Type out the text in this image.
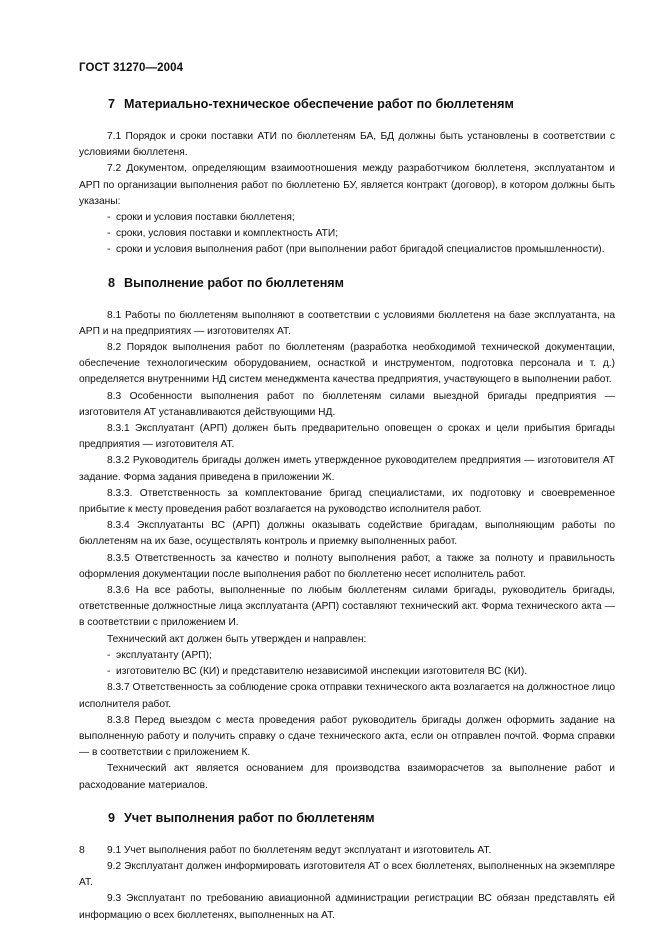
ГОСТ 31270—2004
7 Материально-техническое обеспечение работ по бюллетеням

7.1 Порядок и сроки поставки АТИ по бюллетеням БА, БД должны быть установлены в соответствии с условиями бюллетеня.

7.2 Документом, определяющим взаимоотношения между разработчиком бюллетеня, эксплуатантом и АРП по организации выполнения работ по бюллетеню БУ, является контракт (договор), в котором должны быть указаны:

- сроки и условия поставки бюллетеня;

- сроки, условия поставки и комплектность АТИ;

- сроки и условия выполнения работ (при выполнении работ бригадой специалистов промышленности).

8 Выполнение работ по бюллетеням

8.1 Работы по бюллетеням выполняют в соответствии с условиями бюллетеня на базе эксплуатанта, на АРП и на предприятиях — изготовителях АТ.

8.2 Порядок выполнения работ по бюллетеням (разработка необходимой технической документации, обеспечение технологическим оборудованием, оснасткой и инструментом, подготовка персонала и т. д.) определяется внутренними НД систем менеджмента качества предприятия, участвующего в выполнении работ.

8.3 Особенности выполнения работ по бюллетеням силами выездной бригады предприятия — изготовителя АТ устанавливаются действующими НД.

8.3.1 Эксплуатант (АРП) должен быть предварительно оповещен о сроках и цели прибытия бригады предприятия — изготовителя АТ.

8.3.2 Руководитель бригады должен иметь утвержденное руководителем предприятия — изготовителя АТ задание. Форма задания приведена в приложении Ж.

8.3.3. Ответственность за комплектование бригад специалистами, их подготовку и своевременное прибытие к месту проведения работ возлагается на руководство исполнителя работ.

8.3.4 Эксплуатанты ВС (АРП) должны оказывать содействие бригадам, выполняющим работы по бюллетеням на их базе, осуществлять контроль и приемку выполненных работ.

8.3.5 Ответственность за качество и полноту выполнения работ, а также за полноту и правильность оформления документации после выполнения работ по бюллетеню несет исполнитель работ.

8.3.6 На все работы, выполненные по любым бюллетеням силами бригады, руководитель бригады, ответственные должностные лица эксплуатанта (АРП) составляют технический акт. Форма технического акта — в соответствии с приложением И.

Технический акт должен быть утвержден и направлен:

- эксплуатанту (АРП);

- изготовителю ВС (КИ) и представителю независимой инспекции изготовителя ВС (КИ).

8.3.7 Ответственность за соблюдение срока отправки технического акта возлагается на должностное лицо исполнителя работ.

8.3.8 Перед выездом с места проведения работ руководитель бригады должен оформить задание на выполненную работу и получить справку о сдаче технического акта, если он отправлен почтой. Форма справки — в соответствии с приложением К.

Технический акт является основанием для производства взаиморасчетов за выполнение работ и расходование материалов.

9 Учет выполнения работ по бюллетеням

9.1 Учет выполнения работ по бюллетеням ведут эксплуатант и изготовитель АТ.

9.2 Эксплуатант должен информировать изготовителя АТ о всех бюллетенях, выполненных на экземпляре АТ.

9.3 Эксплуатант по требованию авиационной администрации регистрации ВС обязан представлять ей информацию о всех бюллетенях, выполненных на АТ.

8
